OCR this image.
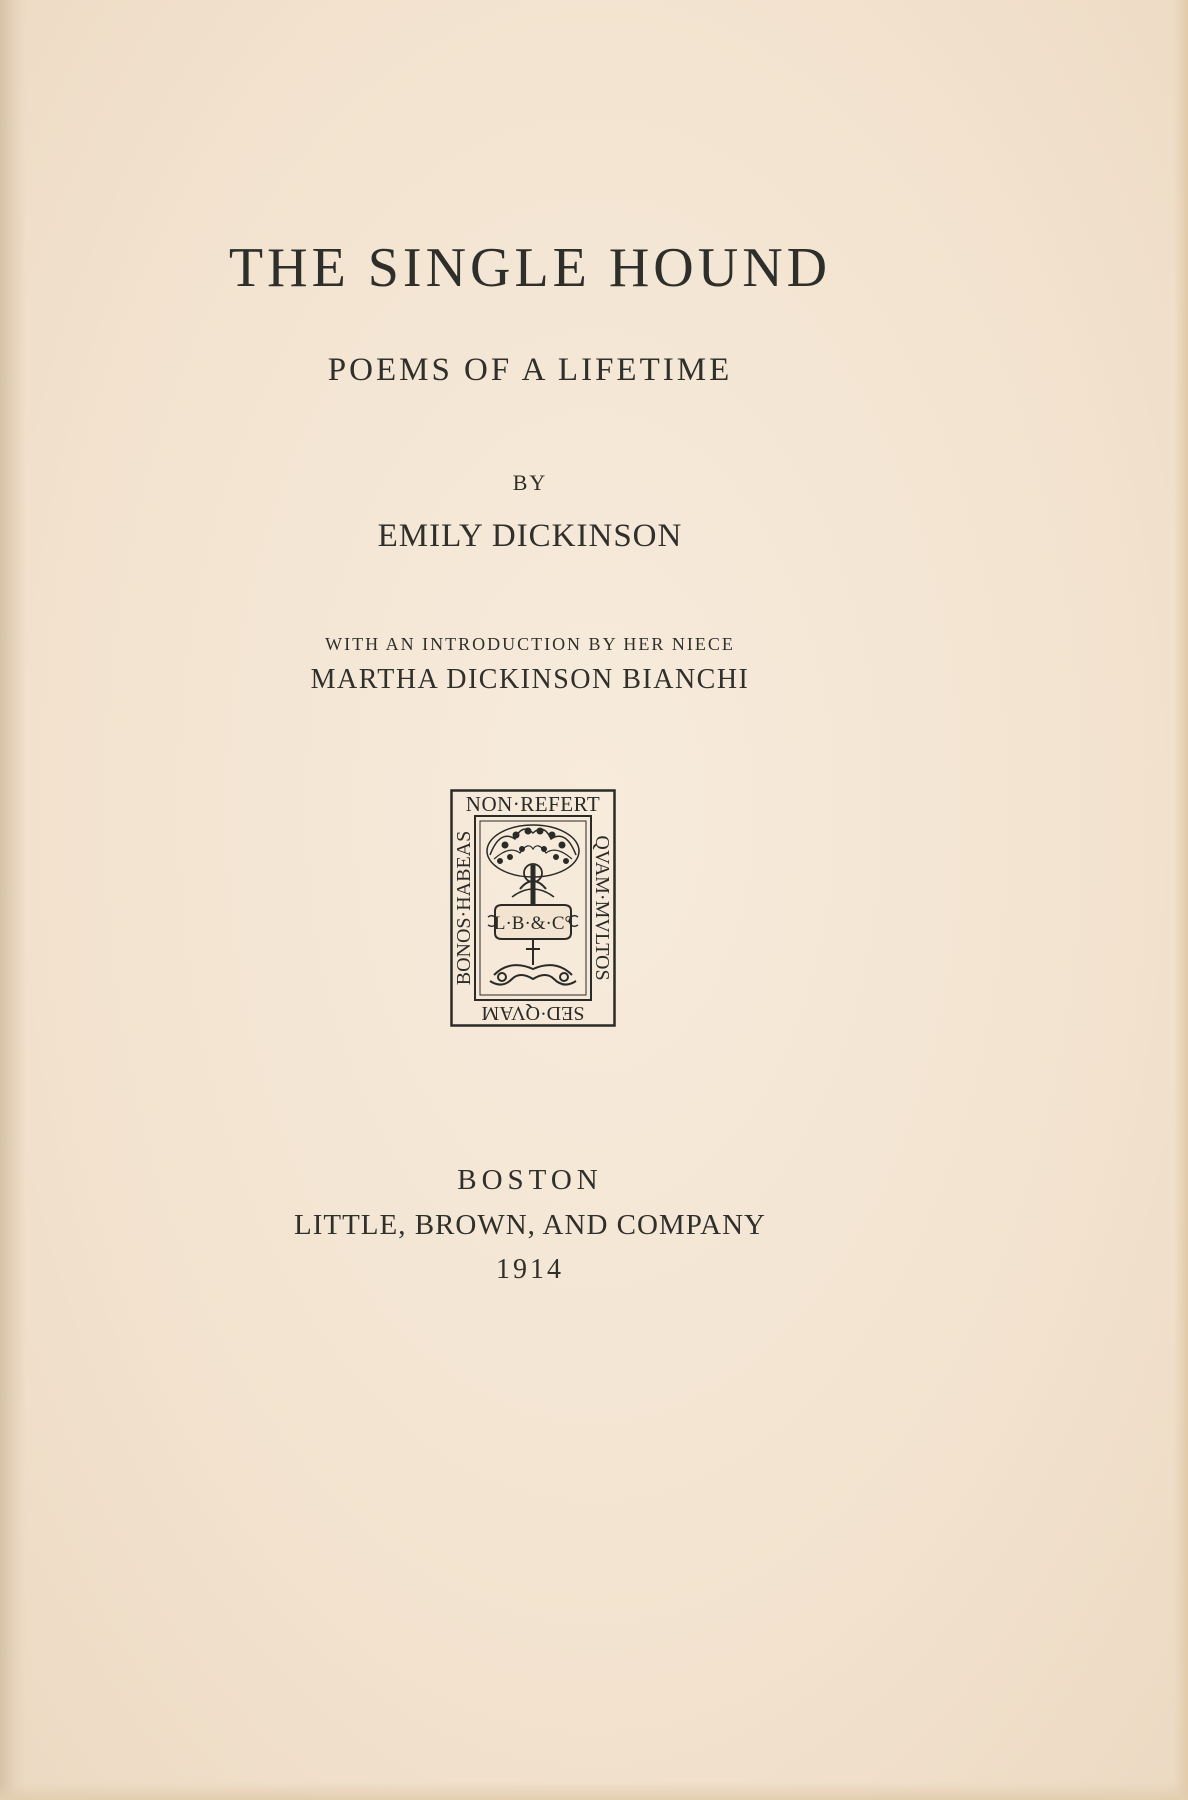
THE SINGLE HOUND
POEMS OF A LIFETIME
BY
EMILY DICKINSON
WITH AN INTRODUCTION BY HER NIECE
MARTHA DICKINSON BIANCHI
NON·REFERT
QVAM·MVLTOS
SED·QVAM
BONOS·HABEAS L·B·&·C°
BOSTON
LITTLE, BROWN, AND COMPANY
1914
